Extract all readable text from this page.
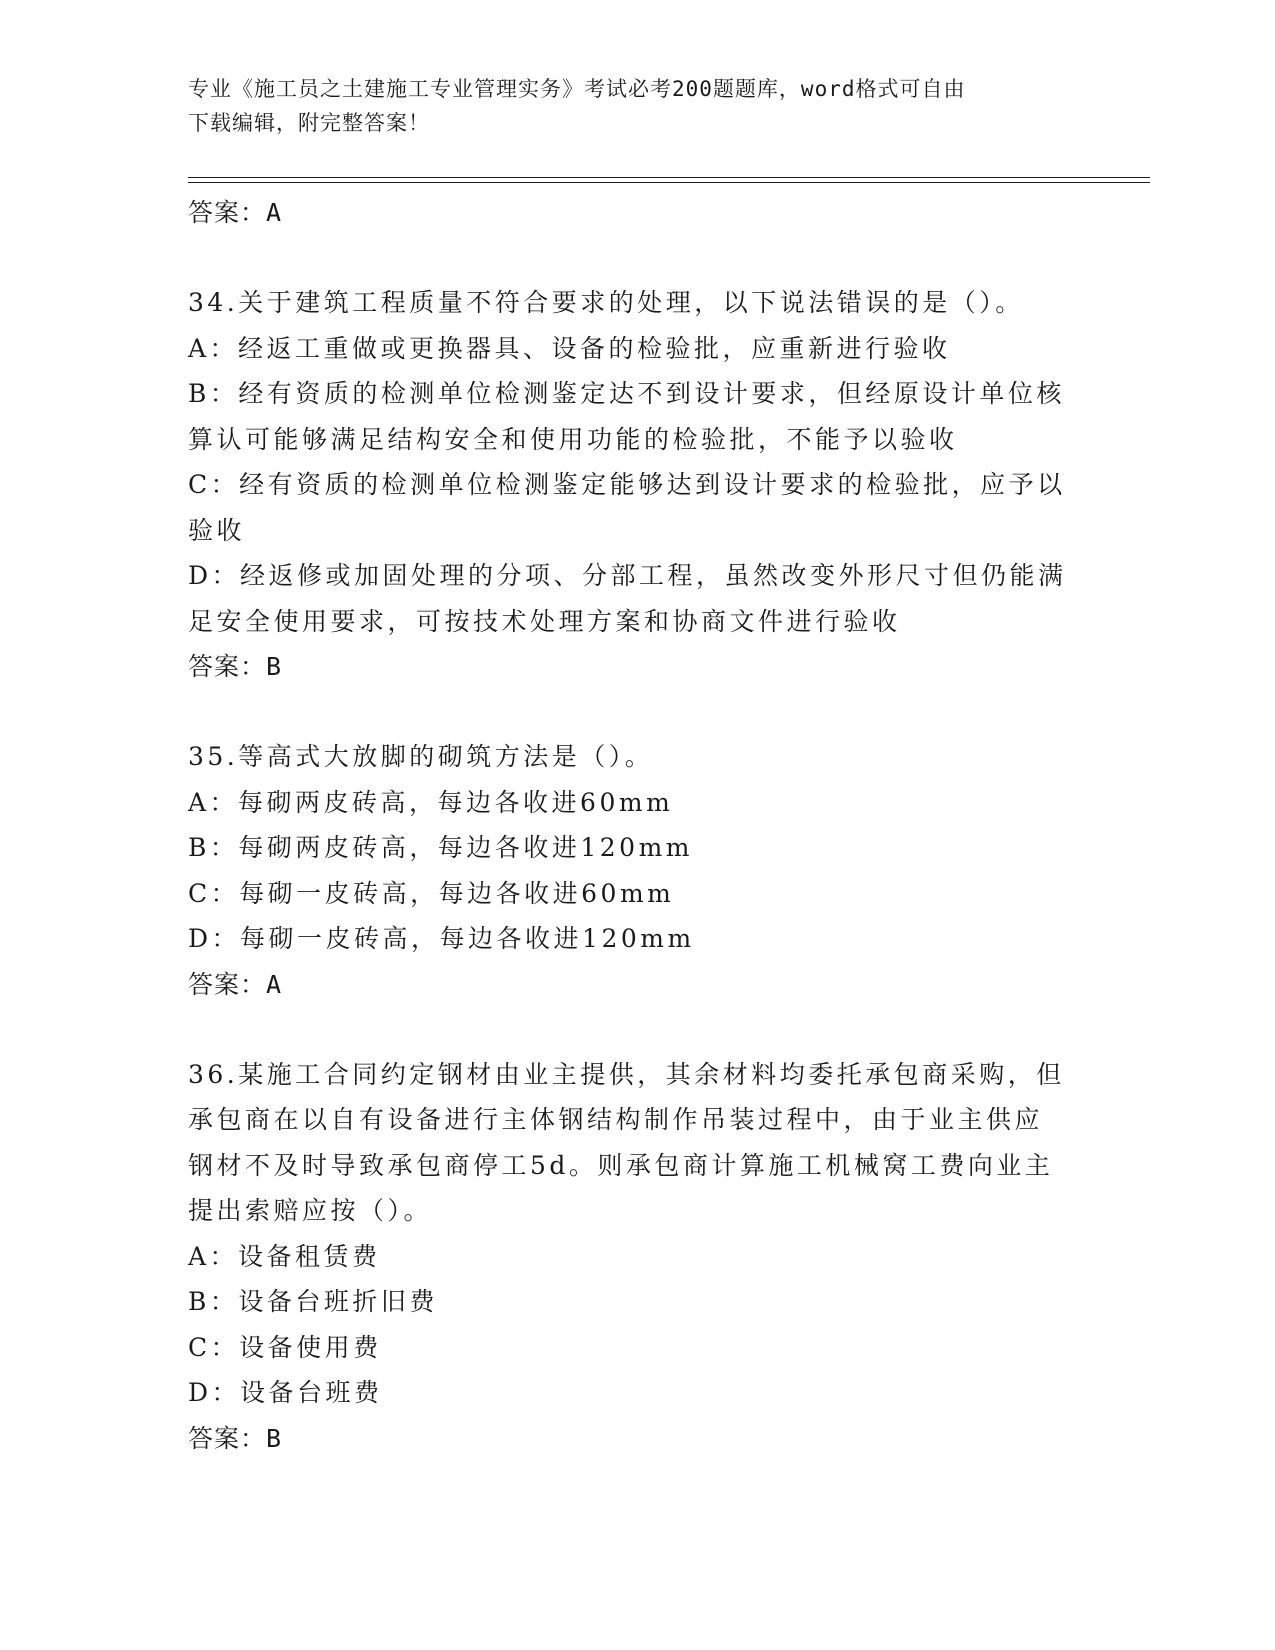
专业《施工员之土建施工专业管理实务》考试必考200题题库，word格式可自由
下载编辑，附完整答案！
答案：A
34.关于建筑工程质量不符合要求的处理，以下说法错误的是（）。
A：经返工重做或更换器具、设备的检验批，应重新进行验收
B：经有资质的检测单位检测鉴定达不到设计要求，但经原设计单位核
算认可能够满足结构安全和使用功能的检验批，不能予以验收
C：经有资质的检测单位检测鉴定能够达到设计要求的检验批，应予以
验收
D：经返修或加固处理的分项、分部工程，虽然改变外形尺寸但仍能满
足安全使用要求，可按技术处理方案和协商文件进行验收
答案：B
35.等高式大放脚的砌筑方法是（）。
A：每砌两皮砖高，每边各收进60mm
B：每砌两皮砖高，每边各收进120mm
C：每砌一皮砖高，每边各收进60mm
D：每砌一皮砖高，每边各收进120mm
答案：A
36.某施工合同约定钢材由业主提供，其余材料均委托承包商采购，但
承包商在以自有设备进行主体钢结构制作吊装过程中，由于业主供应
钢材不及时导致承包商停工5d。则承包商计算施工机械窝工费向业主
提出索赔应按（）。
A：设备租赁费
B：设备台班折旧费
C：设备使用费
D：设备台班费
答案：B
